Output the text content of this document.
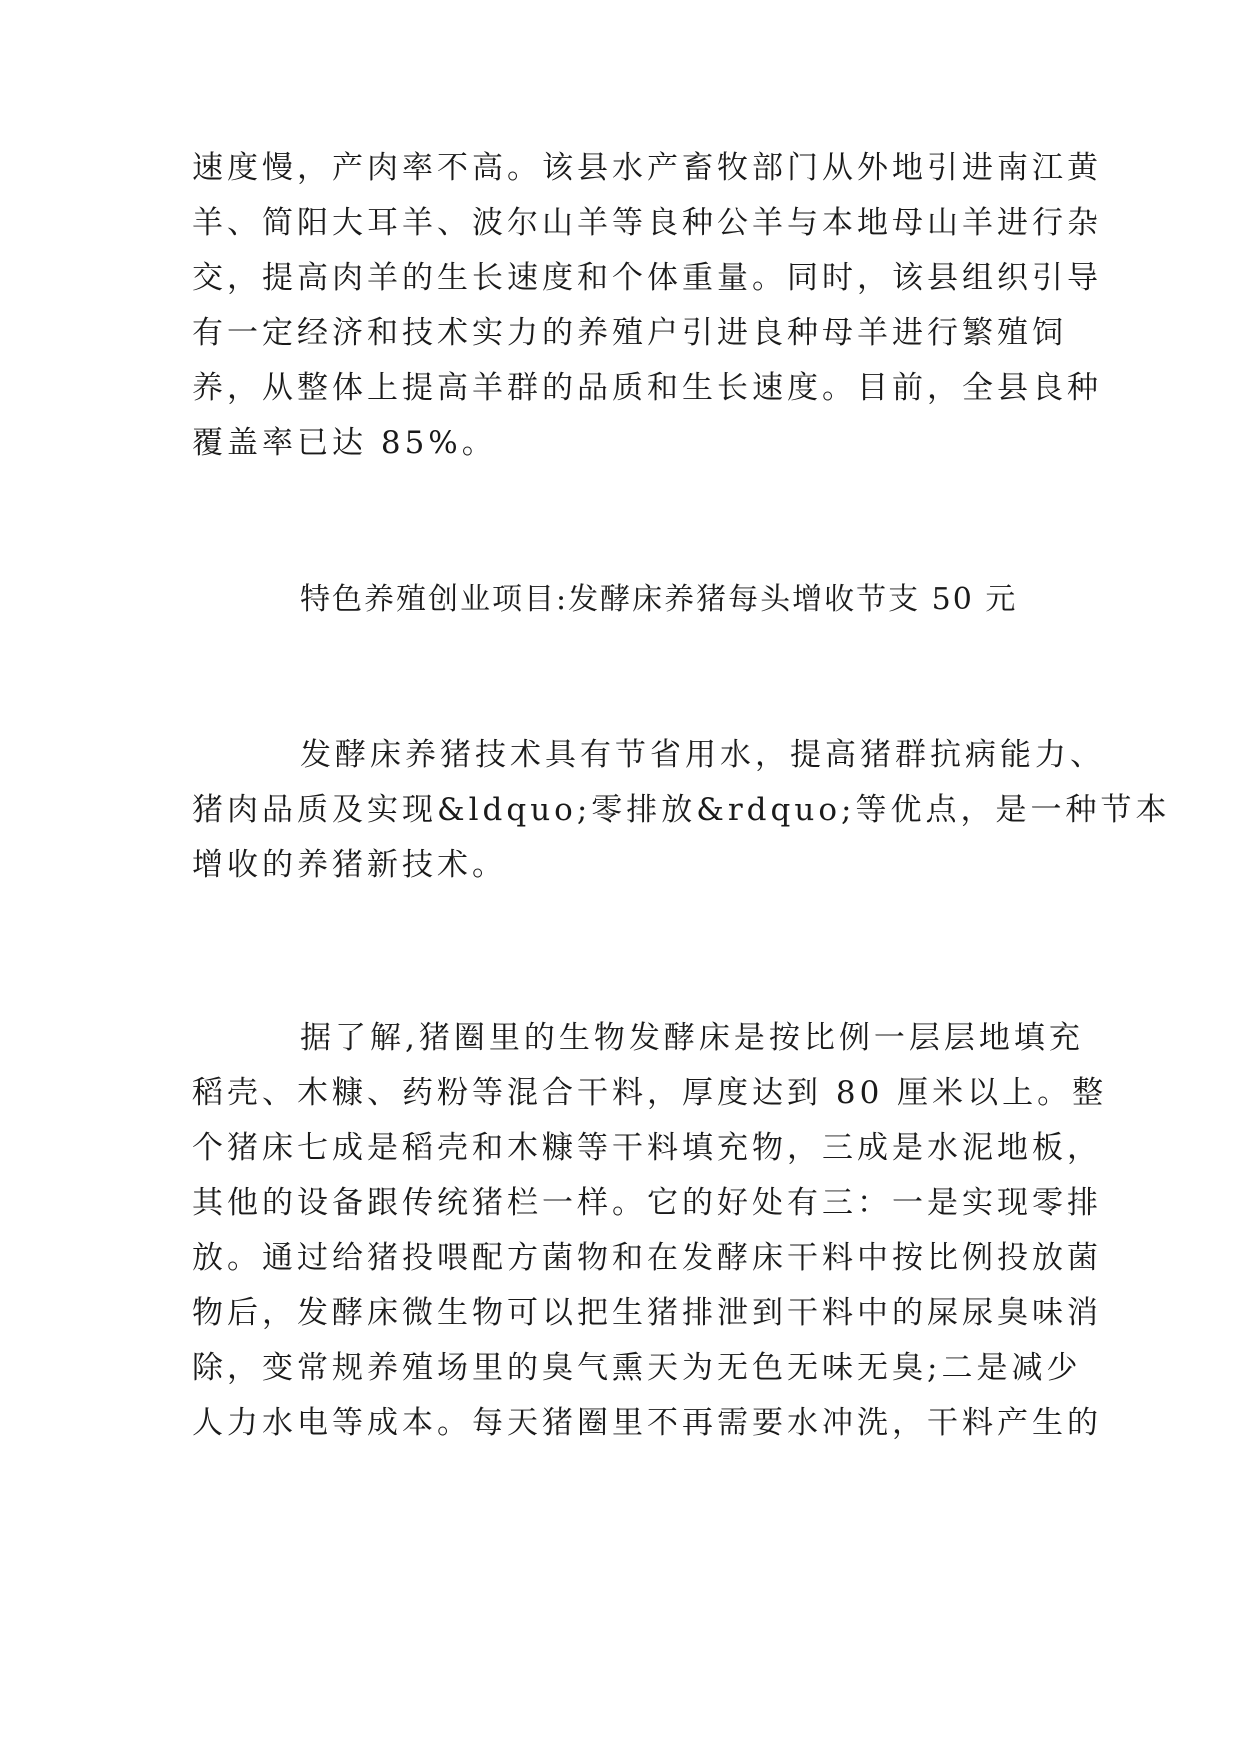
速度慢，产肉率不高。该县水产畜牧部门从外地引进南江黄
羊、简阳大耳羊、波尔山羊等良种公羊与本地母山羊进行杂
交，提高肉羊的生长速度和个体重量。同时，该县组织引导
有一定经济和技术实力的养殖户引进良种母羊进行繁殖饲
养，从整体上提高羊群的品质和生长速度。目前，全县良种
覆盖率已达 85%。
特色养殖创业项目:发酵床养猪每头增收节支 50 元
发酵床养猪技术具有节省用水，提高猪群抗病能力、
猪肉品质及实现&ldquo;零排放&rdquo;等优点，是一种节本
增收的养猪新技术。
据了解,猪圈里的生物发酵床是按比例一层层地填充
稻壳、木糠、药粉等混合干料，厚度达到 80 厘米以上。整
个猪床七成是稻壳和木糠等干料填充物，三成是水泥地板，
其他的设备跟传统猪栏一样。它的好处有三：一是实现零排
放。通过给猪投喂配方菌物和在发酵床干料中按比例投放菌
物后，发酵床微生物可以把生猪排泄到干料中的屎尿臭味消
除，变常规养殖场里的臭气熏天为无色无味无臭;二是减少
人力水电等成本。每天猪圈里不再需要水冲洗，干料产生的
